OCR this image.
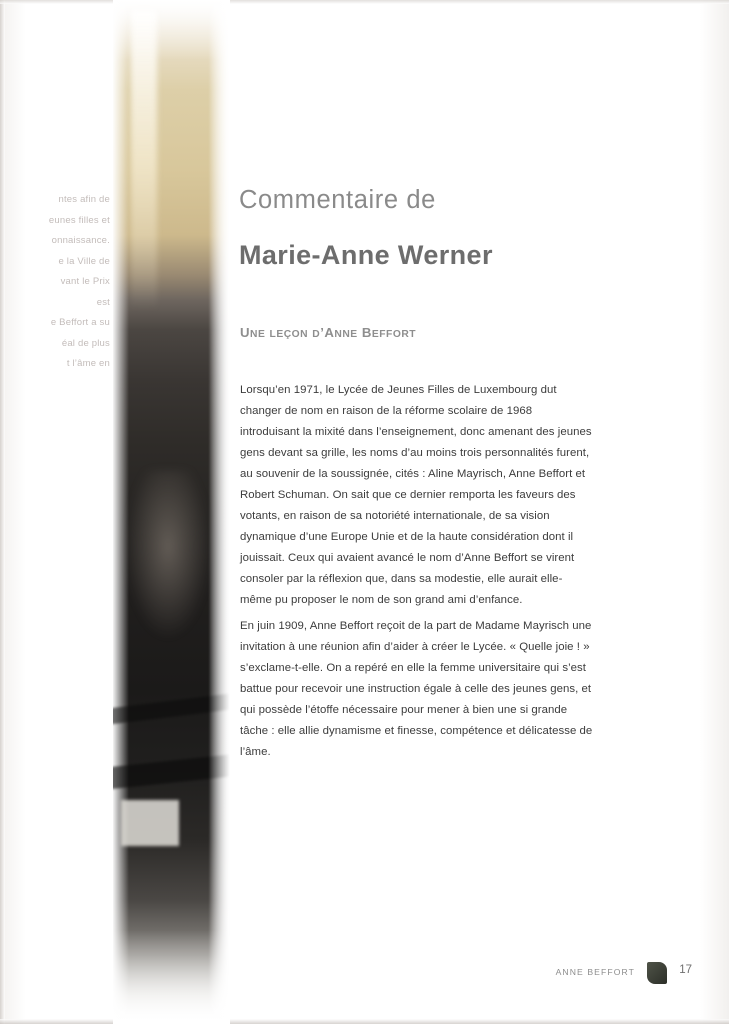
ntes afin de
eunes filles et
onnaissance.
e la Ville de
vant le Prix
est
e Beffort a su
éal de plus
t l’âme en
Commentaire de
Marie-Anne Werner
UNE LEÇON D’ANNE BEFFORT

Lorsqu’en 1971, le Lycée de Jeunes Filles de Luxembourg dut changer de nom en raison de la réforme scolaire de 1968 introduisant la mixité dans l’enseignement, donc amenant des jeunes gens devant sa grille, les noms d’au moins trois personnalités furent, au souvenir de la soussignée, cités : Aline Mayrisch, Anne Beffort et Robert Schuman. On sait que ce dernier remporta les faveurs des votants, en raison de sa notoriété internationale, de sa vision dynamique d’une Europe Unie et de la haute considération dont il jouissait. Ceux qui avaient avancé le nom d’Anne Beffort se virent consoler par la réflexion que, dans sa modestie, elle aurait elle-même pu proposer le nom de son grand ami d’enfance.

En juin 1909, Anne Beffort reçoit de la part de Madame Mayrisch une invitation à une réunion afin d’aider à créer le Lycée. « Quelle joie ! » s’exclame-t-elle. On a repéré en elle la femme universitaire qui s’est battue pour recevoir une instruction égale à celle des jeunes gens, et qui possède l’étoffe nécessaire pour mener à bien une si grande tâche : elle allie dynamisme et finesse, compétence et délicatesse de l’âme.

ANNE BEFFORT	17
